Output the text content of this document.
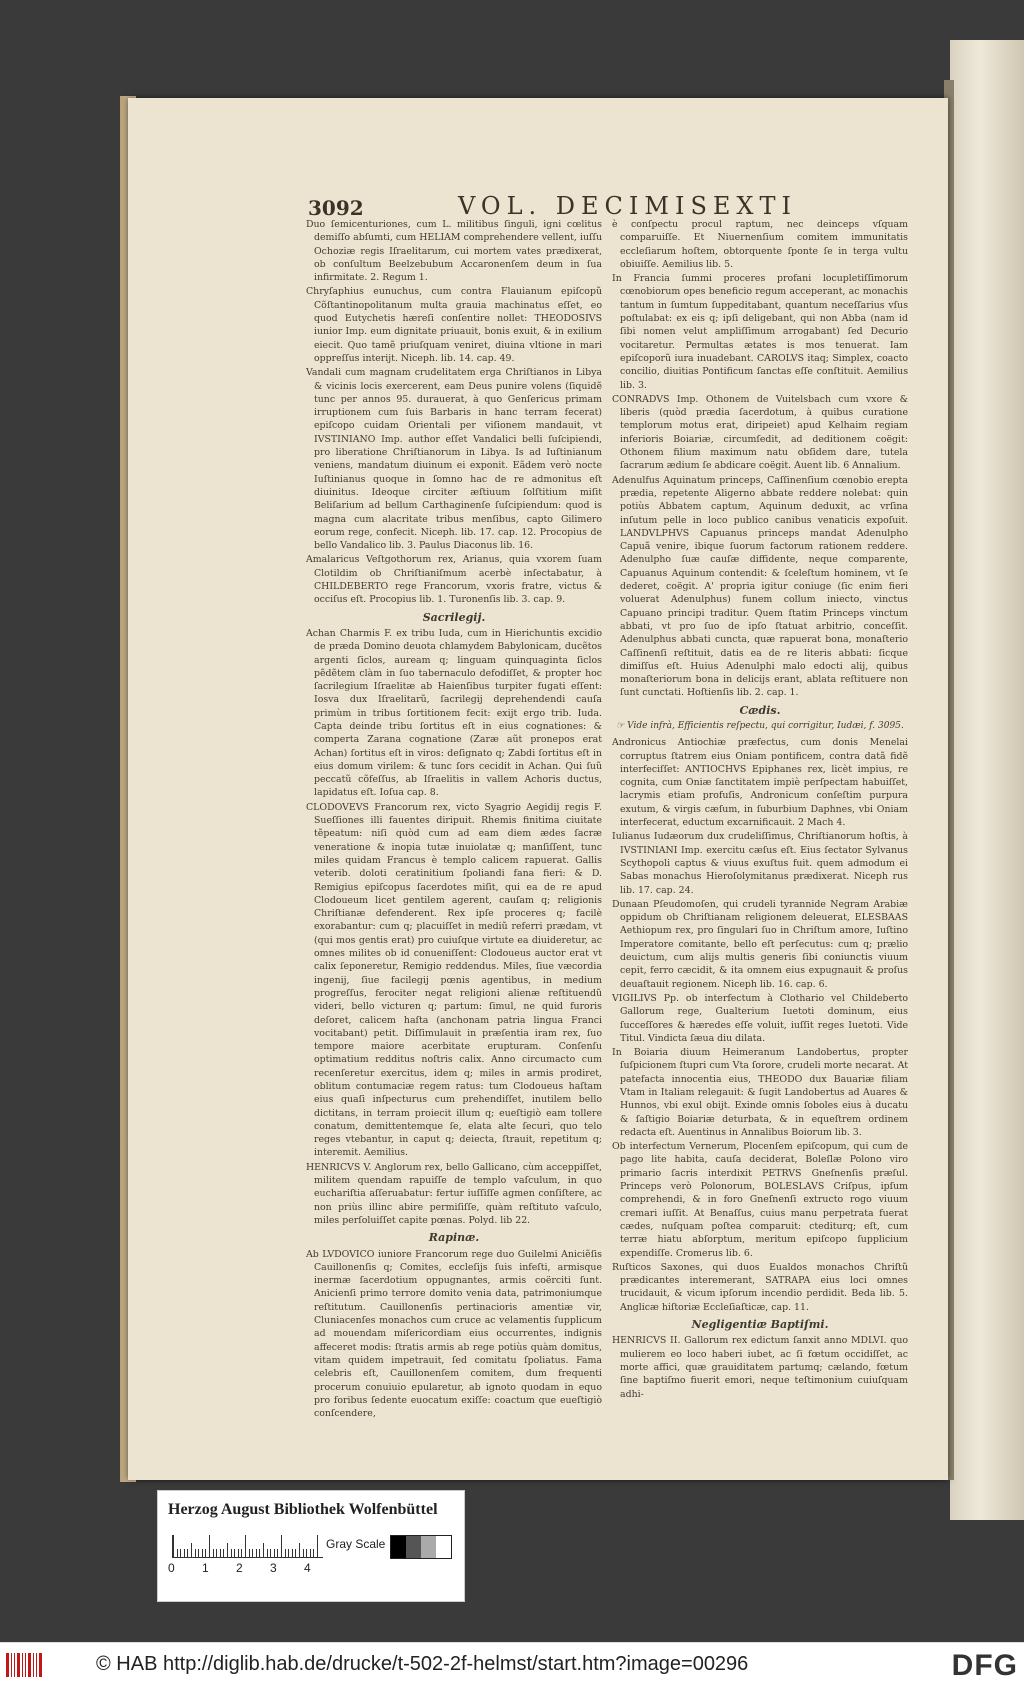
3092	VOL. DECIMISEXTI

Duo ſemicenturiones, cum L. militibus ſinguli, igni cœlitus demiſſo abſumti, cum HELIAM comprehendere vellent, iuſſu Ochoziæ regis Iſraelitarum, cui mortem vates prædixerat, ob conſultum Beelzebubum Accaronenſem deum in ſua infirmitate. 2. Regum 1.

Chryſaphius eunuchus, cum contra Flauianum epiſcopũ Cõſtantinopolitanum multa grauia machinatus eſſet, eo quod Eutychetis hæreſi conſentire nollet: THEODOSIVS iunior Imp. eum dignitate priuauit, bonis exuit, & in exilium eiecit. Quo tamẽ priuſquam veniret, diuina vltione in mari oppreſſus interijt. Niceph. lib. 14. cap. 49.

Vandali cum magnam crudelitatem erga Chriſtianos in Libya & vicinis locis exercerent, eam Deus punire volens (ſiquidẽ tunc per annos 95. durauerat, à quo Genſericus primam irruptionem cum ſuis Barbaris in hanc terram fecerat) epiſcopo cuidam Orientali per viſionem mandauit, vt IVSTINIANO Imp. author eſſet Vandalici belli ſuſcipiendi, pro liberatione Chriſtianorum in Libya. Is ad Iuſtinianum veniens, mandatum diuinum ei exponit. Eãdem verò nocte Iuſtinianus quoque in ſomno hac de re admonitus eſt diuinitus. Ideoque circiter æſtiuum ſolſtitium miſit Beliſarium ad bellum Carthaginenſe ſuſcipiendum: quod is magna cum alacritate tribus menſibus, capto Gilimero eorum rege, confecit. Niceph. lib. 17. cap. 12. Procopius de bello Vandalico lib. 3. Paulus Diaconus lib. 16.

Amalaricus Veſtgothorum rex, Arianus, quia vxorem ſuam Clotildim ob Chriſtianiſmum acerbè inſectabatur, à CHILDEBERTO rege Francorum, vxoris fratre, victus & occiſus eſt. Procopius lib. 1. Turonenſis lib. 3. cap. 9.

Sacrilegij.

Achan Charmis F. ex tribu Iuda, cum in Hierichuntis excidio de præda Domino deuota chlamydem Babylonicam, ducẽtos argenti ſiclos, auream q; linguam quinquaginta ſiclos pẽdẽtem clàm in ſuo tabernaculo defodiſſet, & propter hoc ſacrilegium Iſraelitæ ab Haienſibus turpiter fugati eſſent: Iosva dux Iſraelitarũ, ſacrilegij deprehendendi cauſa primùm in tribus ſortitionem fecit: exijt ergo trib. Iuda. Capta deinde tribu ſortitus eſt in eius cognationes: & comperta Zarana cognatione (Zaræ aũt pronepos erat Achan) ſortitus eſt in viros: deſignato q; Zabdi ſortitus eſt in eius domum virilem: & tunc ſors cecidit in Achan. Qui ſuũ peccatũ cõfeſſus, ab Iſraelitis in vallem Achoris ductus, lapidatus eſt. Ioſua cap. 8.

CLODOVEVS Francorum rex, victo Syagrio Aegidij regis F. Sueſſiones illi fauentes diripuit. Rhemis finitima ciuitate tẽpeatum: niſi quòd cum ad eam diem ædes ſacræ veneratione & inopia tutæ inuiolatæ q; manſiſſent, tunc miles quidam Francus è templo calicem rapuerat. Gallis veterib. doloti ceratinitium ſpoliandi fana fieri: & D. Remigius epiſcopus ſacerdotes miſit, qui ea de re apud Clodoueum licet gentilem agerent, cauſam q; religionis Chriſtianæ defenderent. Rex ipſe proceres q; facilè exorabantur: cum q; placuiſſet in mediũ referri prædam, vt (qui mos gentis erat) pro cuiuſque virtute ea diuideretur, ac omnes milites ob id conueniſſent: Clodoueus auctor erat vt calix ſeponeretur, Remigio reddendus. Miles, ſiue væcordia ingenij, ſiue facilegij pœnis agentibus, in medium progreſſus, ferociter negat religioni alienæ reſtituendũ videri, bello victuren q; partum: ſimul, ne quid furoris deſoret, calicem haſta (anchonam patria lingua Franci vocitabant) petit. Diſſimulauit in præſentia iram rex, ſuo tempore maiore acerbitate erupturam. Conſenſu optimatium redditus noſtris calix. Anno circumacto cum recenſeretur exercitus, idem q; miles in armis prodiret, oblitum contumaciæ regem ratus: tum Clodoueus haſtam eius quaſi inſpecturus cum prehendiſſet, inutilem bello dictitans, in terram proiecit illum q; eueſtigiò eam tollere conatum, demittentemque ſe, elata alte ſecuri, quo telo reges vtebantur, in caput q; deiecta, ſtrauit, repetitum q; interemit. Aemilius.

HENRICVS V. Anglorum rex, bello Gallicano, cùm acceppiſſet, militem quendam rapuiſſe de templo vaſculum, in quo euchariſtia aſſeruabatur: fertur iuſſiſſe agmen conſiſtere, ac non priùs illinc abire permiſiſſe, quàm reſtituto vaſculo, miles perſoluiſſet capite pœnas. Polyd. lib 22.

Rapinæ.

Ab LVDOVICO iuniore Francorum rege duo Guilelmi Aniciẽſis Cauillonenſis q; Comites, eccleſijs ſuis infeſti, armisque inermæ ſacerdotium oppugnantes, armis coërciti ſunt. Anicienſi primo terrore domito venia data, patrimoniumque reſtitutum. Cauillonenſis pertinacioris amentiæ vir, Cluniacenſes monachos cum cruce ac velamentis ſupplicum ad mouendam miſericordiam eius occurrentes, indignis affeceret modis: ſtratis armis ab rege potiùs quàm domitus, vitam quidem impetrauit, ſed comitatu ſpoliatus. Fama celebris eſt, Cauillonenſem comitem, dum frequenti procerum conuiuio epularetur, ab ignoto quodam in equo pro foribus ſedente euocatum exiſſe: coactum que eueſtigiò conſcendere,

è conſpectu procul raptum, nec deinceps vſquam comparuiſſe. Et Niuernenſium comitem immunitatis eccleſiarum hoſtem, obtorquente ſponte ſe in terga vultu obiuiſſe. Aemilius lib. 5.

In Francia ſummi proceres profani locupletiſſimorum cœnobiorum opes beneficio regum acceperant, ac monachis tantum in ſumtum ſuppeditabant, quantum neceſſarius vſus poſtulabat: ex eis q; ipſi deligebant, qui non Abba (nam id ſibi nomen velut ampliſſimum arrogabant) ſed Decurio vocitaretur. Permultas ætates is mos tenuerat. Iam epiſcoporũ iura inuadebant. CAROLVS itaq; Simplex, coacto concilio, diuitias Pontificum ſanctas eſſe conſtituit. Aemilius lib. 3.

CONRADVS Imp. Othonem de Vuitelsbach cum vxore & liberis (quòd prædia ſacerdotum, à quibus curatione templorum motus erat, diripeiet) apud Kelhaim regiam inferioris Boiariæ, circumſedit, ad deditionem coëgit: Othonem filium maximum natu obſidem dare, tutela ſacrarum ædium ſe abdicare coëgit. Auent lib. 6 Annalium.

Adenulfus Aquinatum princeps, Caſſinenſium cœnobio erepta prædia, repetente Aligerno abbate reddere nolebat: quin potiùs Abbatem captum, Aquinum deduxit, ac vrſina inſutum pelle in loco publico canibus venaticis expoſuit. LANDVLPHVS Capuanus princeps mandat Adenulpho Capuã venire, ibique ſuorum factorum rationem reddere. Adenulpho ſuæ cauſæ diffidente, neque comparente, Capuanus Aquinum contendit: & ſceleſtum hominem, vt ſe dederet, coëgit. A' propria igitur coniuge (ſic enim fieri voluerat Adenulphus) funem collum iniecto, vinctus Capuano principi traditur. Quem ſtatim Princeps vinctum abbati, vt pro ſuo de ipſo ſtatuat arbitrio, conceſſit. Adenulphus abbati cuncta, quæ rapuerat bona, monaſterio Caſſinenſi reſtituit, datis ea de re literis abbati: ſicque dimiſſus eſt. Huius Adenulphi malo edocti alij, quibus monaſteriorum bona in delicijs erant, ablata reſtituere non ſunt cunctati. Hoſtienſis lib. 2. cap. 1.

Cædis.
☞ Vide infrà, Efficientis reſpectu, qui corrigitur, Iudæi, f. 3095.

Andronicus Antiochiæ præfectus, cum donis Menelai corruptus ſtatrem eius Oniam pontificem, contra datã fidẽ interfeciſſet: ANTIOCHVS Epiphanes rex, licèt impius, re cognita, cum Oniæ ſanctitatem impiè perſpectam habuiſſet, lacrymis etiam profuſis, Andronicum conſeſtim purpura exutum, & virgis cæſum, in ſuburbium Daphnes, vbi Oniam interfecerat, eductum excarnificauit. 2 Mach 4.

Iulianus Iudæorum dux crudeliſſimus, Chriſtianorum hoſtis, à IVSTINIANI Imp. exercitu cæſus eſt. Eius ſectator Sylvanus Scythopoli captus & viuus exuſtus fuit. quem admodum ei Sabas monachus Hieroſolymitanus prædixerat. Niceph rus lib. 17. cap. 24.

Dunaan Pſeudomoſen, qui crudeli tyrannide Negram Arabiæ oppidum ob Chriſtianam religionem deleuerat, ELESBAAS Aethiopum rex, pro ſingulari ſuo in Chriſtum amore, Iuſtino Imperatore comitante, bello eſt perſecutus: cum q; prælio deuictum, cum alijs multis generis ſibi coniunctis viuum cepit, ferro cæcidit, & ita omnem eius expugnauit & proſus deuaſtauit regionem. Niceph lib. 16. cap. 6.

VIGILIVS Pp. ob interfectum à Clothario vel Childeberto Gallorum rege, Gualterium Iuetoti dominum, eius ſucceſſores & hæredes eſſe voluit, iuſſit reges Iuetoti. Vide Titul. Vindicta ſæua diu dilata.

In Boiaria diuum Heimeranum Landobertus, propter ſuſpicionem ſtupri cum Vta ſorore, crudeli morte necarat. At patefacta innocentia eius, THEODO dux Bauariæ filiam Vtam in Italiam relegauit: & ſugit Landobertus ad Auares & Hunnos, vbi exul obijt. Exinde omnis ſoboles eius à ducatu & ſaſtigio Boiariæ deturbata, & in equeſtrem ordinem redacta eſt. Auentinus in Annalibus Boiorum lib. 3.

Ob interfectum Vernerum, Plocenſem epiſcopum, qui cum de pago lite habita, cauſa deciderat, Boleſlæ Polono viro primario ſacris interdixit PETRVS Gneſnenſis præſul. Princeps verò Polonorum, BOLESLAVS Criſpus, ipſum comprehendi, & in foro Gneſnenſi extructo rogo viuum cremari iuſſit. At Benaſſus, cuius manu perpetrata fuerat cædes, nuſquam poſtea comparuit: ctediturq; eſt, cum terræ hiatu abſorptum, meritum epiſcopo ſupplicium expendiſſe. Cromerus lib. 6.

Ruſticos Saxones, qui duos Eualdos monachos Chriſtũ prædicantes interemerant, SATRAPA eius loci omnes trucidauit, & vicum ipſorum incendio perdidit. Beda lib. 5. Anglicæ hiſtoriæ Eccleſiaſticæ, cap. 11.

Negligentiæ Baptiſmi.

HENRICVS II. Gallorum rex edictum ſanxit anno MDLVI. quo mulierem eo loco haberi iubet, ac ſi fœtum occidiſſet, ac morte affici, quæ grauiditatem partumq; cælando, fœtum ſine baptiſmo fiuerit emori, neque teſtimonium cuiuſquam adhi-

Herzog August Bibliothek Wolfenbüttel
0 1 2 3 4
Gray Scale
© HAB http://diglib.hab.de/drucke/t-502-2f-helmst/start.htm?image=00296	DFG
